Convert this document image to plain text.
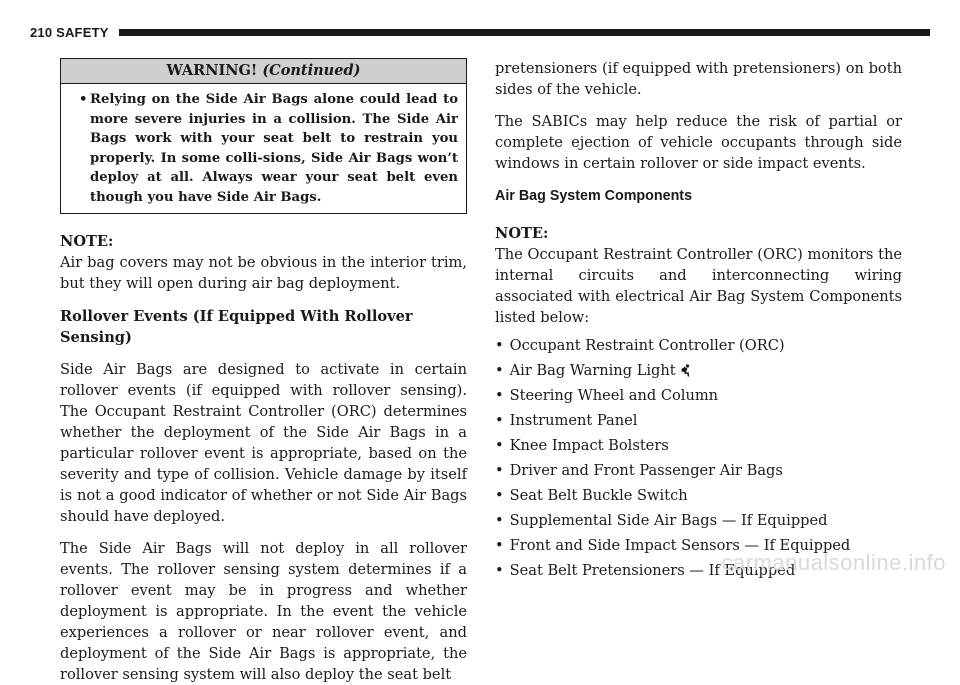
210 SAFETY
WARNING! (Continued)
• Relying on the Side Air Bags alone could lead to more severe injuries in a collision. The Side Air Bags work with your seat belt to restrain you properly. In some colli-sions, Side Air Bags won’t deploy at all. Always wear your seat belt even though you have Side Air Bags.
NOTE:

Air bag covers may not be obvious in the interior trim, but they will open during air bag deployment.

Rollover Events (If Equipped With Rollover Sensing)

Side Air Bags are designed to activate in certain rollover events (if equipped with rollover sensing). The Occupant Restraint Controller (ORC) determines whether the deployment of the Side Air Bags in a particular rollover event is appropriate, based on the severity and type of collision. Vehicle damage by itself is not a good indicator of whether or not Side Air Bags should have deployed.

The Side Air Bags will not deploy in all rollover events. The rollover sensing system determines if a rollover event may be in progress and whether deployment is appropriate. In the event the vehicle experiences a rollover or near rollover event, and deployment of the Side Air Bags is appropriate, the rollover sensing system will also deploy the seat belt

pretensioners (if equipped with pretensioners) on both sides of the vehicle.

The SABICs may help reduce the risk of partial or complete ejection of vehicle occupants through side windows in certain rollover or side impact events.

Air Bag System Components
NOTE:

The Occupant Restraint Controller (ORC) monitors the internal circuits and interconnecting wiring associated with electrical Air Bag System Components listed below:

• Occupant Restraint Controller (ORC)
• Air Bag Warning Light
• Steering Wheel and Column
• Instrument Panel
• Knee Impact Bolsters
• Driver and Front Passenger Air Bags
• Seat Belt Buckle Switch
• Supplemental Side Air Bags — If Equipped
• Front and Side Impact Sensors — If Equipped
• Seat Belt Pretensioners — If Equipped
carmanualsonline.info
